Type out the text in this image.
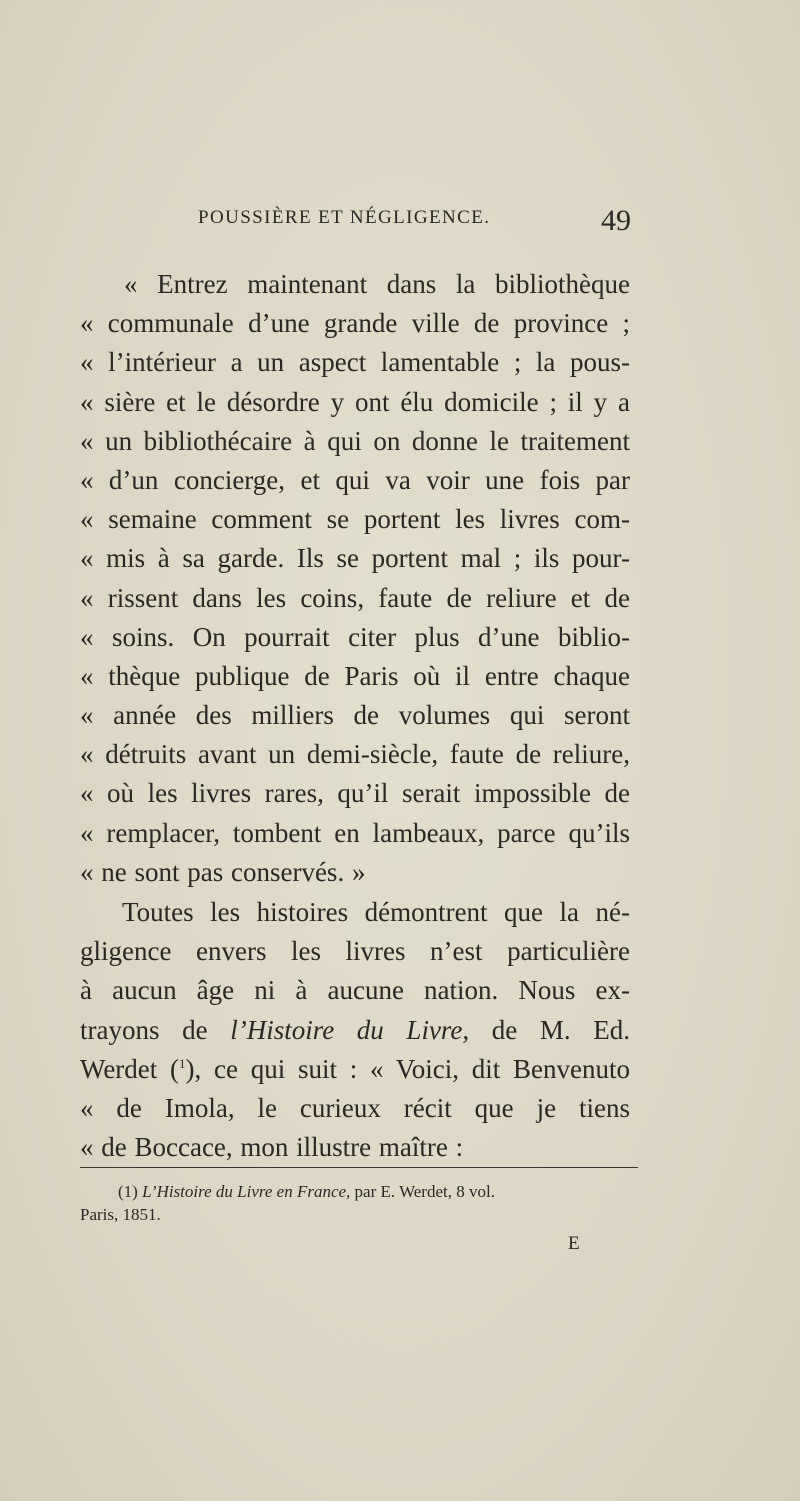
POUSSIÈRE ET NÉGLIGENCE.	49
« Entrez maintenant dans la bibliothèque
« communale d’une grande ville de province ;
« l’intérieur a un aspect lamentable ; la pous-
« sière et le désordre y ont élu domicile ; il y a
« un bibliothécaire à qui on donne le traitement
« d’un concierge, et qui va voir une fois par
« semaine comment se portent les livres com-
« mis à sa garde. Ils se portent mal ; ils pour-
« rissent dans les coins, faute de reliure et de
« soins. On pourrait citer plus d’une biblio-
« thèque publique de Paris où il entre chaque
« année des milliers de volumes qui seront
« détruits avant un demi-siècle, faute de reliure,
« où les livres rares, qu’il serait impossible de
« remplacer, tombent en lambeaux, parce qu’ils
« ne sont pas conservés. »
Toutes les histoires démontrent que la né-
gligence envers les livres n’est particulière
à aucun âge ni à aucune nation. Nous ex-
trayons de l’Histoire du Livre, de M. Ed.
Werdet ($^1$), ce qui suit : « Voici, dit Benvenuto
« de Imola, le curieux récit que je tiens
« de Boccace, mon illustre maître :
(1) L’Histoire du Livre en France, par E. Werdet, 8 vol.
Paris, 1851.
E
